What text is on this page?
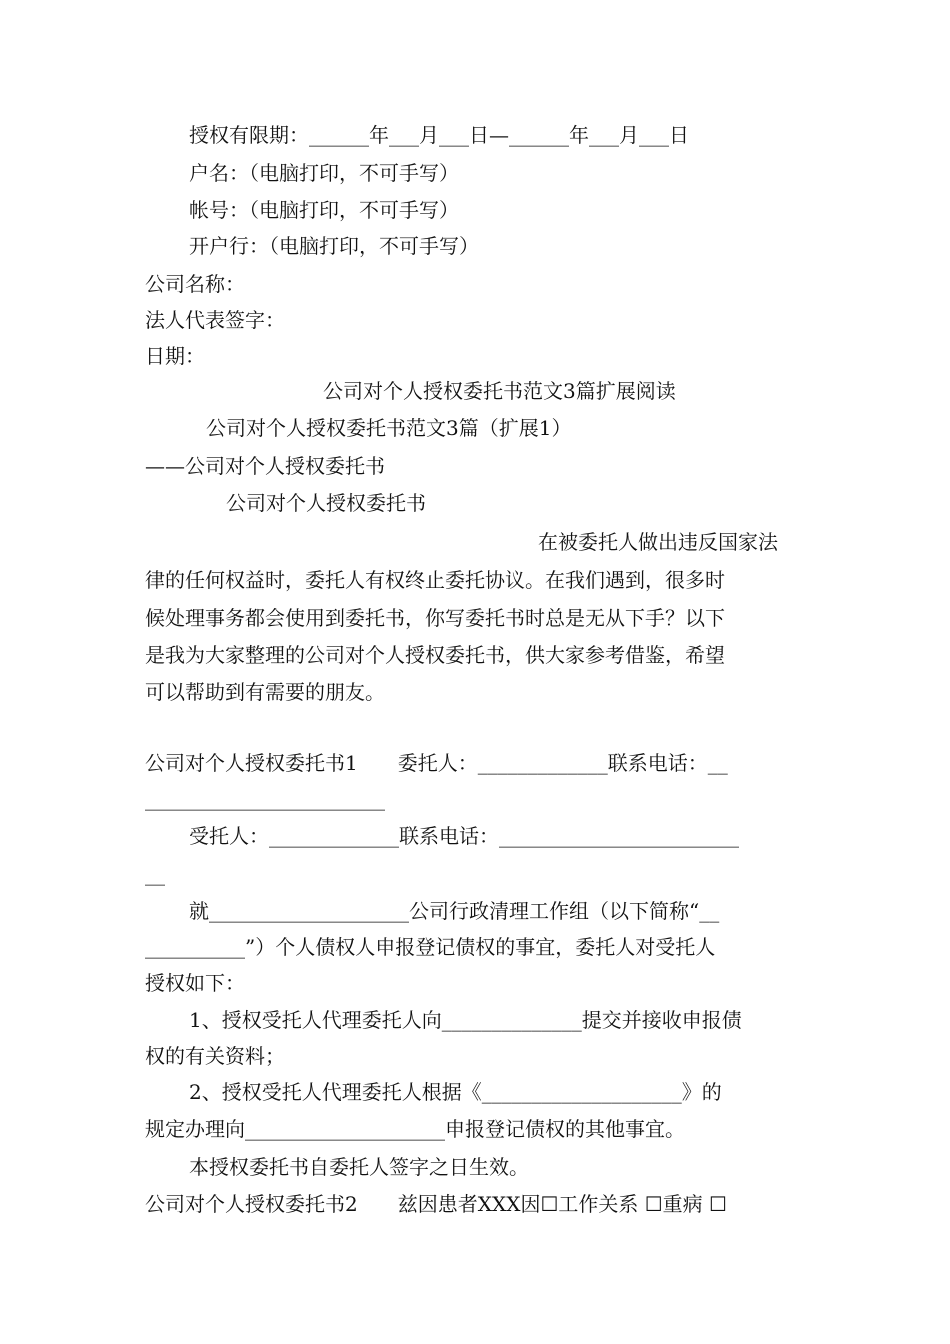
授权有限期：______年___月___日—______年___月___日
户名：（电脑打印，不可手写）
帐号：（电脑打印，不可手写）
开户行：（电脑打印，不可手写）
公司名称：
法人代表签字：
日期：
公司对个人授权委托书范文3篇扩展阅读
公司对个人授权委托书范文3篇（扩展1）
——公司对个人授权委托书
公司对个人授权委托书
在被委托人做出违反国家法
律的任何权益时，委托人有权终止委托协议。在我们遇到，很多时
候处理事务都会使用到委托书，你写委托书时总是无从下手？以下
是我为大家整理的公司对个人授权委托书，供大家参考借鉴，希望
可以帮助到有需要的朋友。
公司对个人授权委托书1　　委托人：_____________联系电话：__
________________________
受托人：_____________联系电话：________________________
__
就____________________公司行政清理工作组（以下简称“__
__________”）个人债权人申报登记债权的事宜，委托人对受托人
授权如下：
1、授权受托人代理委托人向______________提交并接收申报债
权的有关资料；
2、授权受托人代理委托人根据《____________________》的
规定办理向____________________申报登记债权的其他事宜。
本授权委托书自委托人签字之日生效。
公司对个人授权委托书2　　兹因患者XXX因☐工作关系 ☐重病 ☐
